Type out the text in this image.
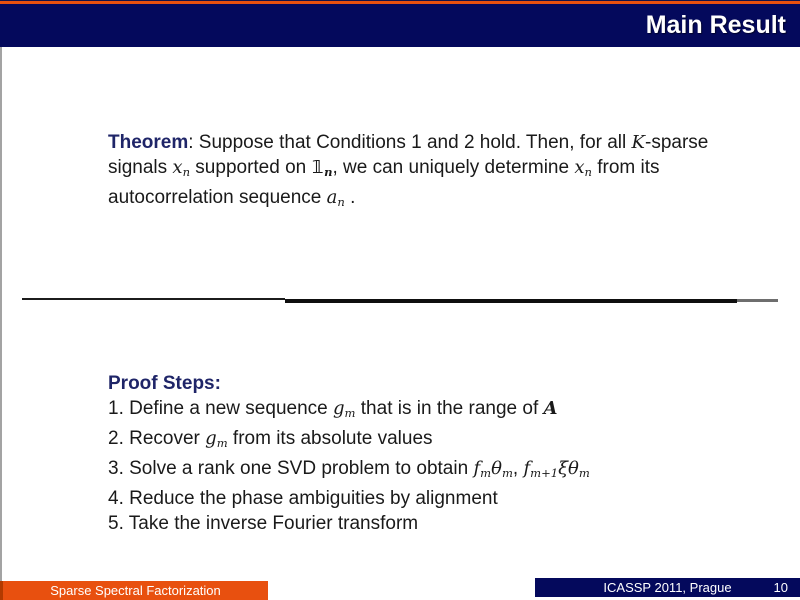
Main Result
Theorem: Suppose that Conditions 1 and 2 hold. Then, for all K-sparse
signals $x_n$ supported on $𝟙_n$, we can uniquely determine $x_n$ from its
autocorrelation sequence $a_n$ .
Proof Steps:
1. Define a new sequence $g_m$ that is in the range of A
2. Recover $g_m$ from its absolute values
3. Solve a rank one SVD problem to obtain $f_m\theta_m$, $f_{m+1}\xi\theta_m$
4. Reduce the phase ambiguities by alignment
5. Take the inverse Fourier transform
Sparse Spectral Factorization	ICASSP 2011, Prague	10
